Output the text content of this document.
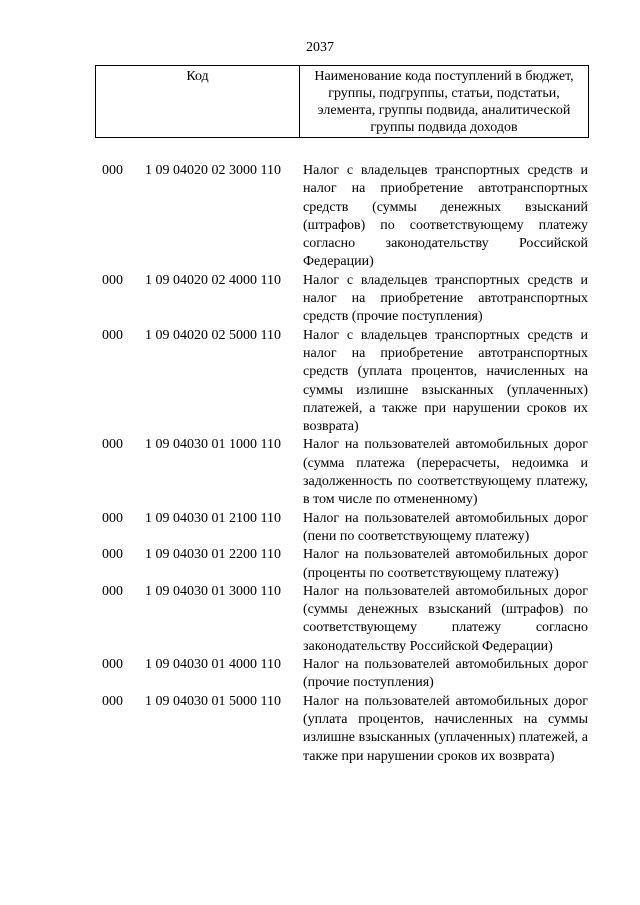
2037
Код	Наименование кода поступлений в бюджет, группы, подгруппы, статьи, подстатьи, элемента, группы подвида, аналитической группы подвида доходов
000	1 09 04020 02 3000 110	Налог с владельцев транспортных средств и налог на приобретение автотранспортных средств (суммы денежных взысканий (штрафов) по соответствующему платежу согласно законодательству Российской Федерации)
000	1 09 04020 02 4000 110	Налог с владельцев транспортных средств и налог на приобретение автотранспортных средств (прочие поступления)
000	1 09 04020 02 5000 110	Налог с владельцев транспортных средств и налог на приобретение автотранспортных средств (уплата процентов, начисленных на суммы излишне взысканных (уплаченных) платежей, а также при нарушении сроков их возврата)
000	1 09 04030 01 1000 110	Налог на пользователей автомобильных дорог (сумма платежа (перерасчеты, недоимка и задолженность по соответствующему платежу, в том числе по отмененному)
000	1 09 04030 01 2100 110	Налог на пользователей автомобильных дорог (пени по соответствующему платежу)
000	1 09 04030 01 2200 110	Налог на пользователей автомобильных дорог (проценты по соответствующему платежу)
000	1 09 04030 01 3000 110	Налог на пользователей автомобильных дорог (суммы денежных взысканий (штрафов) по соответствующему платежу согласно законодательству Российской Федерации)
000	1 09 04030 01 4000 110	Налог на пользователей автомобильных дорог (прочие поступления)
000	1 09 04030 01 5000 110	Налог на пользователей автомобильных дорог (уплата процентов, начисленных на суммы излишне взысканных (уплаченных) платежей, а также при нарушении сроков их возврата)
